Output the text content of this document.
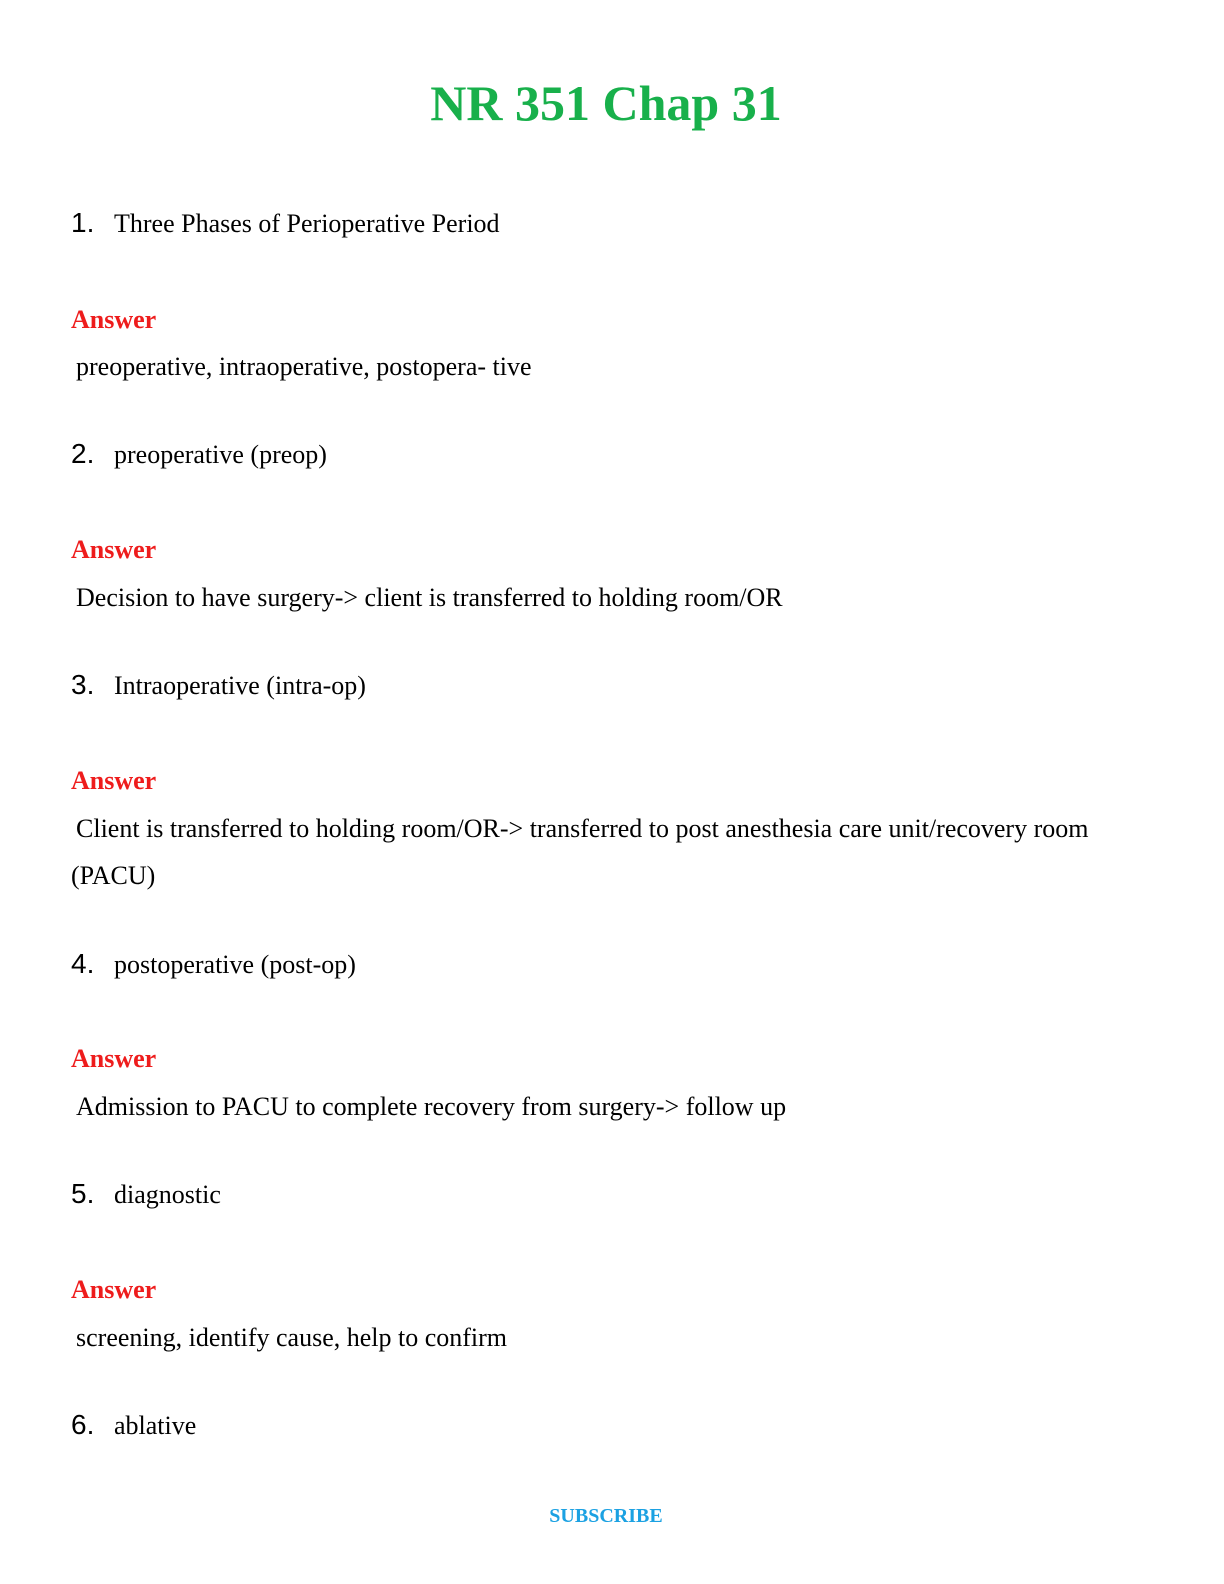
NR 351 Chap 31
1. Three Phases of Perioperative Period
Answer
preoperative, intraoperative, postopera- tive
2. preoperative (preop)
Answer
Decision to have surgery-> client is transferred to holding room/OR
3. Intraoperative (intra-op)
Answer
Client is transferred to holding room/OR-> transferred to post anesthesia care unit/recovery room (PACU)
4. postoperative (post-op)
Answer
Admission to PACU to complete recovery from surgery-> follow up
5. diagnostic
Answer
screening, identify cause, help to confirm
6. ablative
SUBSCRIBE
